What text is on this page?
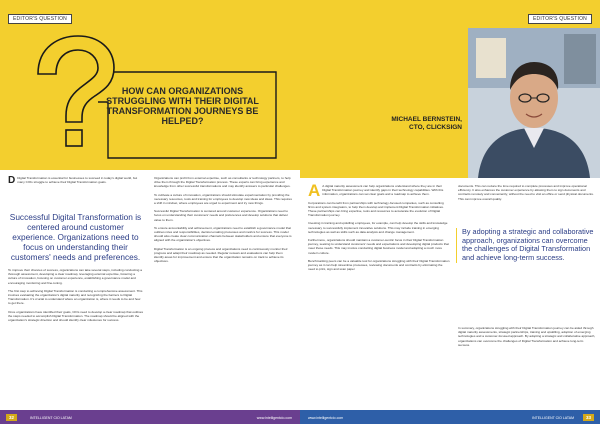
EDITOR'S QUESTION
HOW CAN ORGANIZATIONS STRUGGLING WITH THEIR DIGITAL TRANSFORMATION JOURNEYS BE HELPED?
Successful Digital Transformation is centered around customer experience. Organizations need to focus on understanding their customers' needs and preferences.

D Digital Transformation is essential for businesses to succeed in today's digital world, but many CIOs struggle to achieve their Digital Transformation goals.

To improve their chances of success, organizations can take several steps, including conducting a thorough assessment, developing a clear roadmap, leveraging external expertise, fostering a culture of innovation, focusing on customer experience, establishing a governance model and encouraging monitoring and fine-tuning.

The first step to achieving Digital Transformation is conducting a comprehensive assessment. This involves evaluating the organization's digital maturity and recognizing the barriers to Digital Transformation. It's crucial to understand where an organization is, where it needs to be and how to get there.

Once organizations have identified their goals, CIOs need to develop a clear roadmap that outlines the steps needed to accomplish Digital Transformation. The roadmap should be aligned with the organization's strategic direction and should identify clear milestones for success.

Organizations can profit from external expertise, such as consultants or technology partners, to help drive them through the Digital Transformation process. These experts can bring experience and knowledge from other successful transformations and may identify answers to particular challenges.

To cultivate a culture of innovation, organizations should stimulate experimentation by providing the necessary resources, tools and training for employees to develop new ideas and ideas. This requires a shift in mindset, where employees are urged to experiment and try new things.

Successful Digital Transformation is centered around customer experience. Organizations need to focus on understanding their customers' needs and preferences and develop solutions that deliver value to them.

To ensure accountability and achievement, organizations need to establish a governance model that outlines roles and responsibilities, decision-making processes and metrics for success. This model should also create clear communication channels between stakeholders and ensure that everyone is aligned with the organization's objectives.

Digital Transformation is an ongoing process and organizations need to continuously monitor their progress and adapt their roadmap as needed. Regular reviews and evaluations can help them identify areas for improvement and ensure that the organization remains on track to achieve its objectives.

32	INTELLIGENT CIO LATAM	www.intelligentcio.com
EDITOR'S QUESTION
MICHAEL BERNSTEIN,
CTO, CLICKSIGN

A A digital maturity assessment can help organizations understand where they are in their Digital Transformation journey and identify gaps in their technology capabilities. With this information, organizations can set clear goals and a roadmap to achieve them.

Corporations can benefit from partnerships with technology-focused companies, such as consulting firms and system integrators, to help them develop and implement Digital Transformation initiatives. These partnerships can bring expertise, tools and resources to accelerate the evolution of Digital Transformation journey.

Investing in training and upskilling employees, for example, can help develop the skills and knowledge necessary to successfully implement innovative solutions. This may include training in emerging technologies as well as skills such as data analysis and change management.

Furthermore, organizations should maintain a customer-centric focus in their Digital Transformation journey, seeking to understand customers' needs and expectations and developing digital products that meet those needs. This may involve conducting digital business model and adopting a much more modern culture.

Benchmarking peers can be a valuable tool for organizations struggling with their Digital Transformation journey as it can help streamline processes, reviewing documents and contracts by eliminating the need to print, sign and scan paper

documents. This can reduce the time required to complete processes and improve operational efficiency. It also enhances the customer experience by allowing them to sign documents and contracts remotely and conveniently, without the need to visit an office or send physical documents. This can improve overall quality.

By adopting a strategic and collaborative approach, organizations can overcome the challenges of Digital Transformation and achieve long-term success.

In summary, organizations struggling with their Digital Transformation journey can be aided through digital maturity assessments, strategic partnerships, training and upskilling, adoption of emerging technologies and a customer-focused approach. By adopting a strategic and collaborative approach, organizations can overcome the challenges of Digital Transformation and achieve long-term success.

www.intelligentcio.com	INTELLIGENT CIO LATAM	33
